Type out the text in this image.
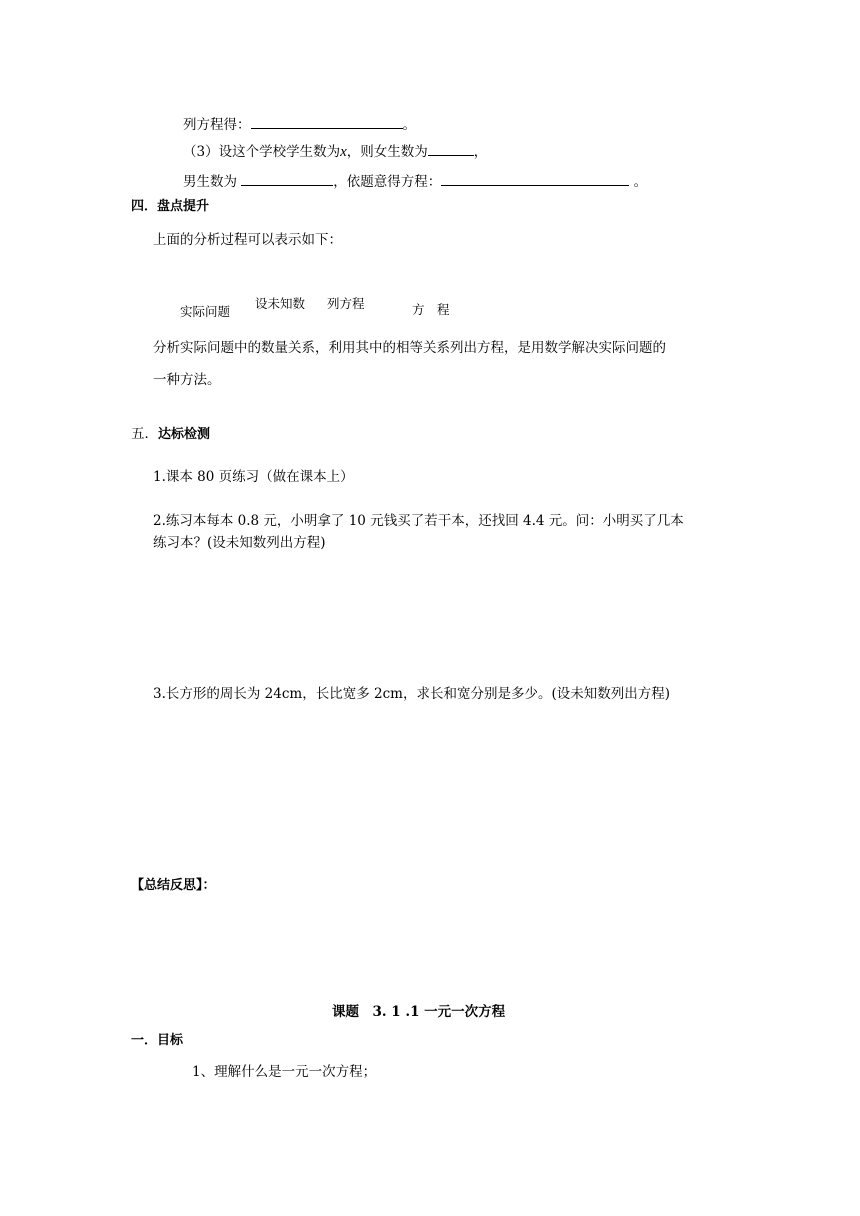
列方程得：	。
（3）设这个学校学生数为x，则女生数为	，
男生数为	，依题意得方程：	。
四．盘点提升
上面的分析过程可以表示如下：
实际问题
设未知数 列方程	方　程
分析实际问题中的数量关系，利用其中的相等关系列出方程，是用数学解决实际问题的
一种方法。
五．达标检测
1.课本 80 页练习（做在课本上）
2.练习本每本 0.8 元，小明拿了 10 元钱买了若干本，还找回 4.4 元。问：小明买了几本
练习本？(设未知数列出方程)
3.长方形的周长为 24cm，长比宽多 2cm，求长和宽分别是多少。(设未知数列出方程)
【总结反思】：
课题　3. 1 .1 一元一次方程
一．目标
1、理解什么是一元一次方程；
